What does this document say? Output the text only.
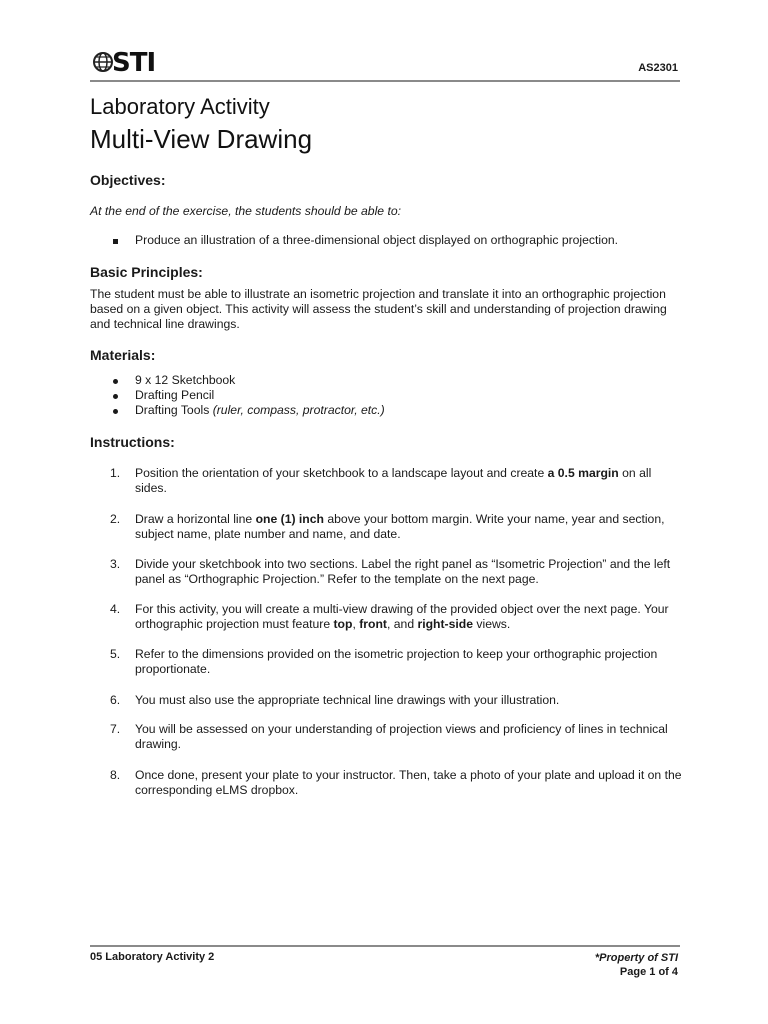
STI	AS2301
Laboratory Activity
Multi-View Drawing
Objectives:
At the end of the exercise, the students should be able to:
Produce an illustration of a three-dimensional object displayed on orthographic projection.
Basic Principles:
The student must be able to illustrate an isometric projection and translate it into an orthographic projection based on a given object. This activity will assess the student’s skill and understanding of projection drawing and technical line drawings.
Materials:
9 x 12 Sketchbook
Drafting Pencil
Drafting Tools (ruler, compass, protractor, etc.)
Instructions:
1.	Position the orientation of your sketchbook to a landscape layout and create a 0.5 margin on all sides.
2.	Draw a horizontal line one (1) inch above your bottom margin. Write your name, year and section, subject name, plate number and name, and date.
3.	Divide your sketchbook into two sections. Label the right panel as “Isometric Projection” and the left panel as “Orthographic Projection.” Refer to the template on the next page.
4.	For this activity, you will create a multi-view drawing of the provided object over the next page. Your orthographic projection must feature top, front, and right-side views.
5.	Refer to the dimensions provided on the isometric projection to keep your orthographic projection proportionate.
6.	You must also use the appropriate technical line drawings with your illustration.
7.	You will be assessed on your understanding of projection views and proficiency of lines in technical drawing.
8.	Once done, present your plate to your instructor. Then, take a photo of your plate and upload it on the corresponding eLMS dropbox.
05 Laboratory Activity 2	*Property of STI
Page 1 of 4
